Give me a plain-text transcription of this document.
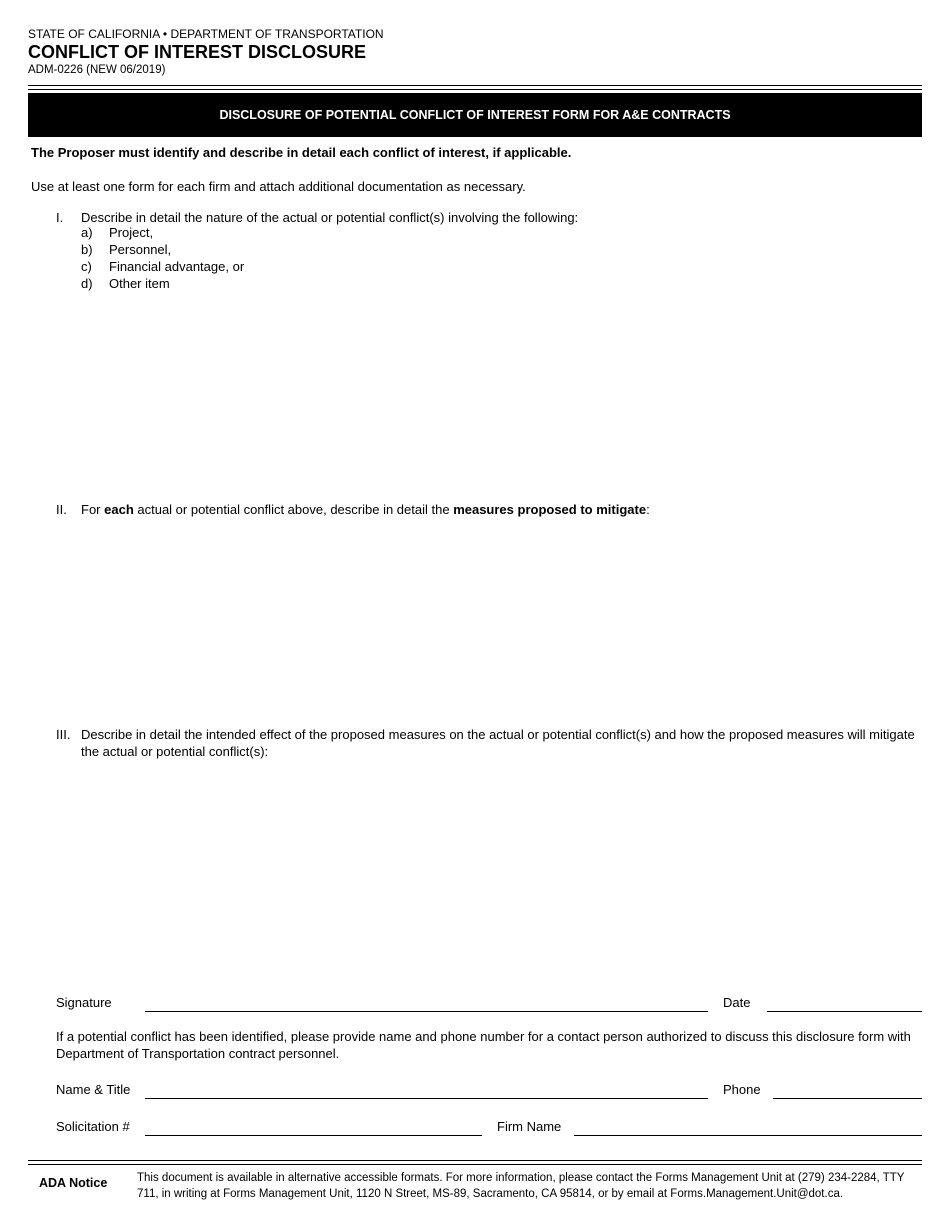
STATE OF CALIFORNIA • DEPARTMENT OF TRANSPORTATION
CONFLICT OF INTEREST DISCLOSURE
ADM-0226 (NEW 06/2019)
DISCLOSURE OF POTENTIAL CONFLICT OF INTEREST FORM FOR A&E CONTRACTS
The Proposer must identify and describe in detail each conflict of interest, if applicable.
Use at least one form for each firm and attach additional documentation as necessary.
I. Describe in detail the nature of the actual or potential conflict(s) involving the following:
a) Project,
b) Personnel,
c) Financial advantage, or
d) Other item
II. For each actual or potential conflict above, describe in detail the measures proposed to mitigate:
III. Describe in detail the intended effect of the proposed measures on the actual or potential conflict(s) and how the proposed measures will mitigate the actual or potential conflict(s):
Signature	Date
If a potential conflict has been identified, please provide name and phone number for a contact person authorized to discuss this disclosure form with Department of Transportation contract personnel.
Name & Title	Phone
Solicitation #	Firm Name
ADA Notice	This document is available in alternative accessible formats. For more information, please contact the Forms Management Unit at (279) 234-2284, TTY 711, in writing at Forms Management Unit, 1120 N Street, MS-89, Sacramento, CA 95814, or by email at Forms.Management.Unit@dot.ca.
